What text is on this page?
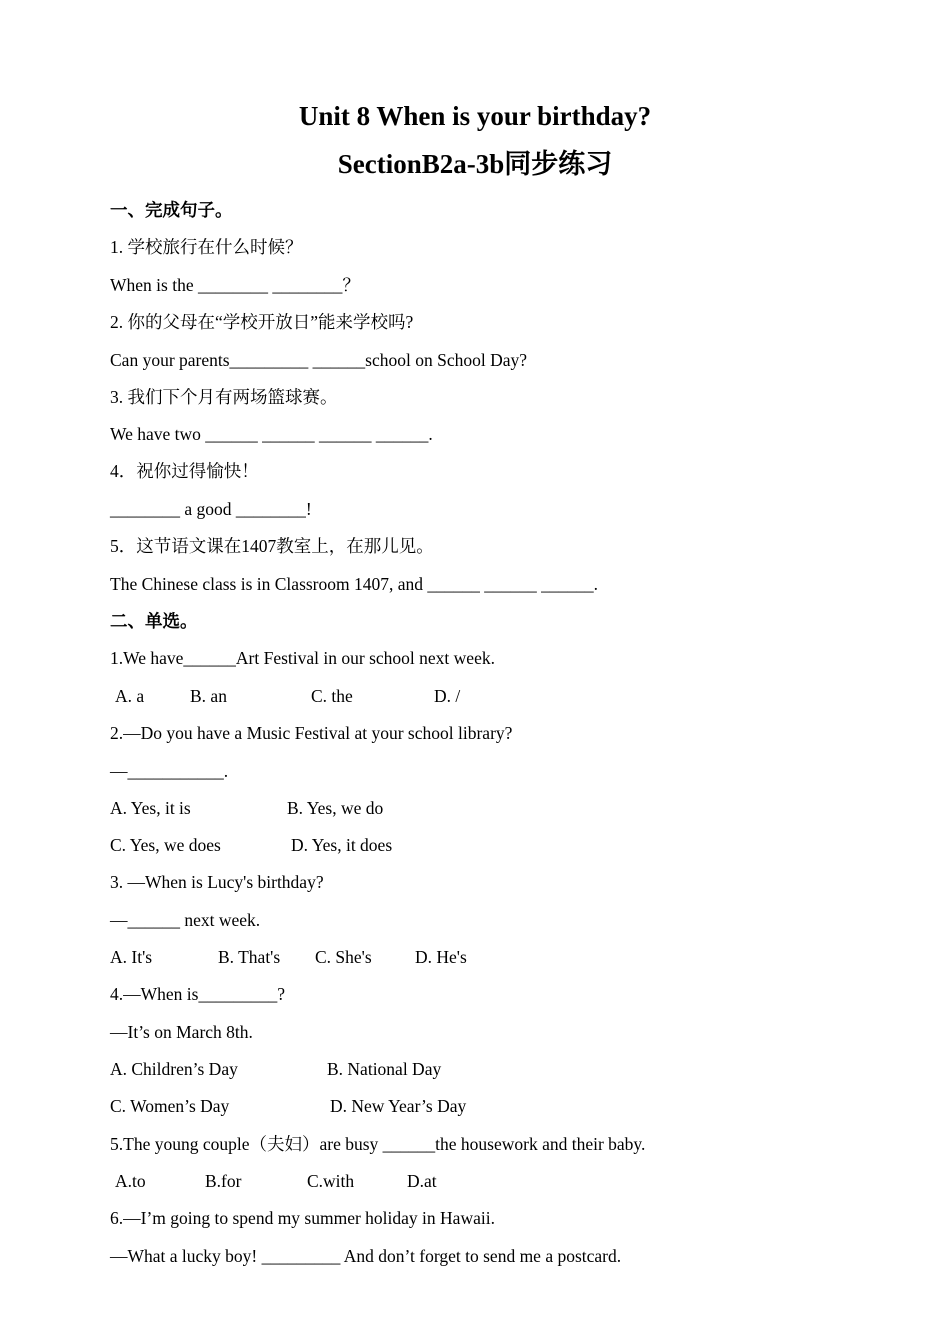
Unit 8 When is your birthday?
SectionB2a-3b同步练习
一、完成句子。
1. 学校旅行在什么时候？
When is the ________ ________？
2. 你的父母在“学校开放日”能来学校吗?
Can your parents_________ ______school on School Day?
3. 我们下个月有两场篮球赛。
We have two ______ ______ ______ ______.
4．祝你过得愉快！
________ a good ________!
5．这节语文课在1407教室上，在那儿见。
The Chinese class is in Classroom 1407, and ______ ______ ______.
二、单选。
1.We have______Art Festival in our school next week.
A. a	B. an	C. the	D. /
2.—Do you have a Music Festival at your school library?
—___________.
A. Yes, it is	B. Yes, we do
C. Yes, we does	D. Yes, it does
3. —When is Lucy's birthday?
—______ next week.
A. It's	B. That's C. She's D. He's
4.—When is_________?
—It’s on March 8th.
A. Children’s Day	B. National Day
C. Women’s Day	D. New Year’s Day
5.The young couple（夫妇）are busy ______the housework and their baby.
A.to	B.for	C.with	D.at
6.—I’m going to spend my summer holiday in Hawaii.
—What a lucky boy! _________ And don’t forget to send me a postcard.
